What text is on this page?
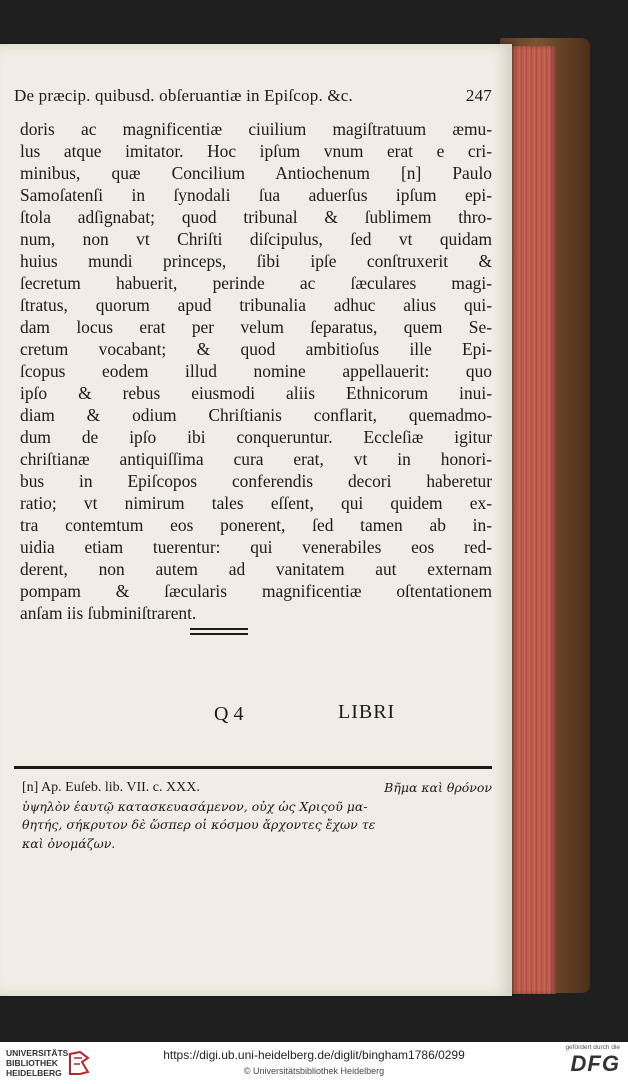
De præcip. quibusd. obſeruantiæ in Epiſcop. &c.	247
doris ac magnificentiæ ciuilium magiſtratuum æmu-
lus atque imitator. Hoc ipſum vnum erat e cri-
minibus, quæ Concilium Antiochenum [n] Paulo
Samoſatenſi in ſynodali ſua aduerſus ipſum epi-
ſtola adſignabat; quod tribunal & ſublimem thro-
num, non vt Chriſti diſcipulus, ſed vt quidam
huius mundi princeps, ſibi ipſe conſtruxerit &
ſecretum habuerit, perinde ac ſæculares magi-
ſtratus, quorum apud tribunalia adhuc alius qui-
dam locus erat per velum ſeparatus, quem Se-
cretum vocabant; & quod ambitioſus ille Epi-
ſcopus eodem illud nomine appellauerit: quo
ipſo & rebus eiusmodi aliis Ethnicorum inui-
diam & odium Chriſtianis conflarit, quemadmo-
dum de ipſo ibi conqueruntur. Eccleſiæ igitur
chriſtianæ antiquiſſima cura erat, vt in honori-
bus in Epiſcopos conferendis decori haberetur
ratio; vt nimirum tales eſſent, qui quidem ex-
tra contemtum eos ponerent, ſed tamen ab in-
uidia etiam tuerentur: qui venerabiles eos red-
derent, non autem ad vanitatem aut externam
pompam & ſæcularis magnificentiæ oſtentationem
anſam iis ſubminiſtrarent.
Q 4	LIBRI
[n] Ap. Euſeb. lib. VII. c. XXX.	Βῆμα καὶ θρόνον
ὑψηλὸν ἑαυτῷ κατασκευασάμενον, οὐχ ὡς Χριςοῦ μα-
θητής, σήκρυτον δὲ ὥσπερ οἱ κόσμου ἄρχοντες ἔχων τε
καὶ ὀνομάζων.
UNIVERSITÄTS-
BIBLIOTHEK
HEIDELBERG
https://digi.ub.uni-heidelberg.de/diglit/bingham1786/0299
© Universitätsbibliothek Heidelberg
gefördert durch die
DFG
